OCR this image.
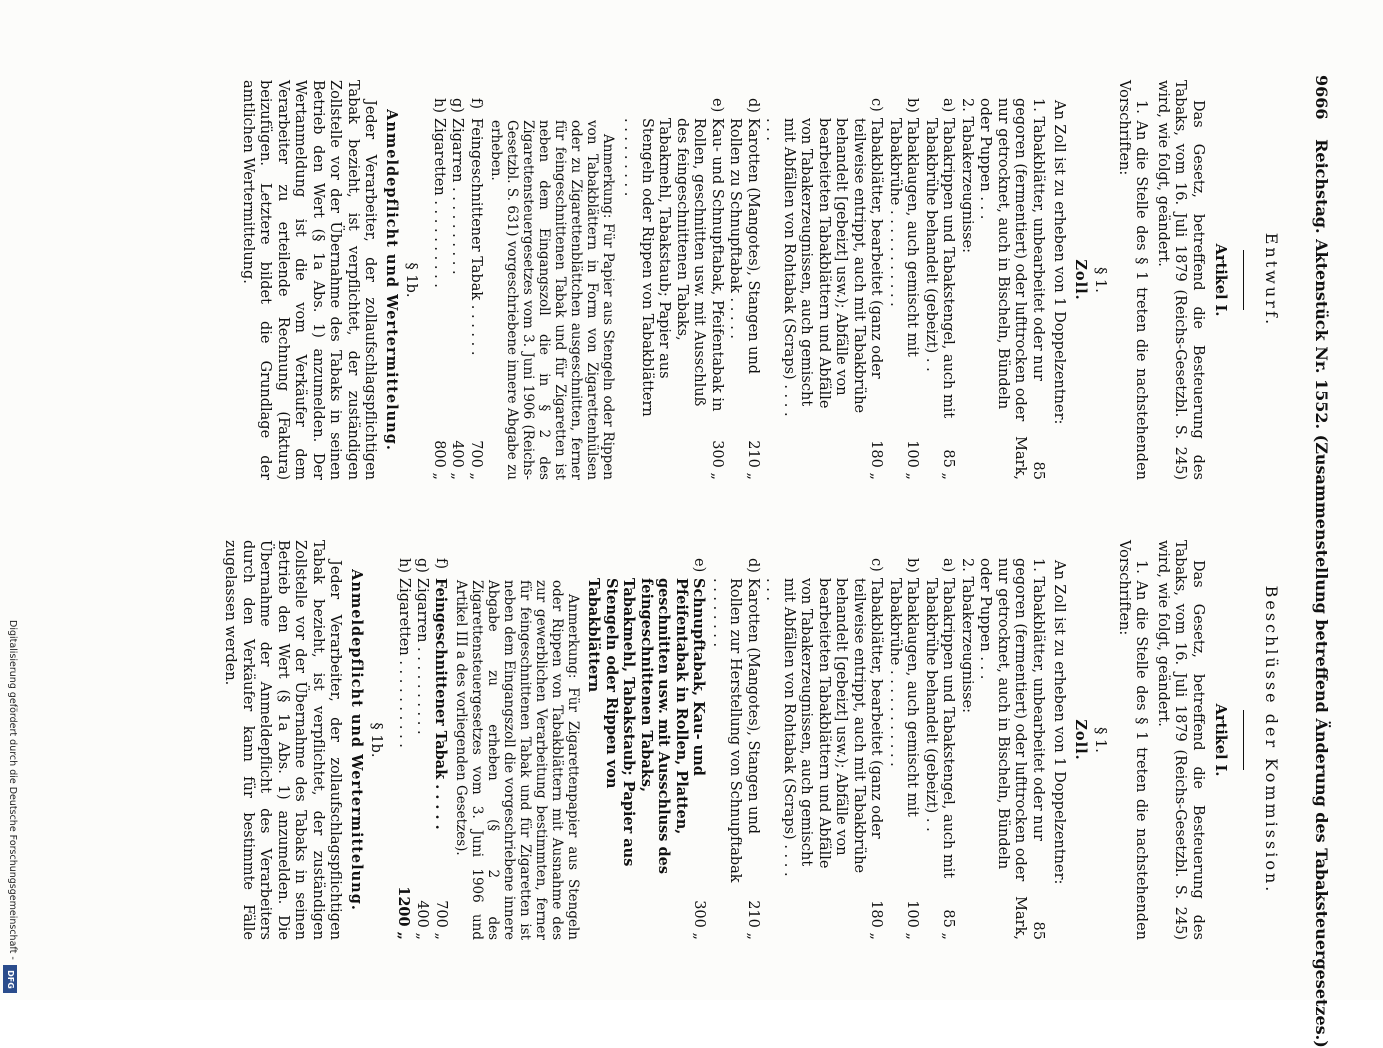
9666 Reichstag. Aktenstück Nr. 1552. (Zusammenstellung betreffend Änderung des Tabaksteuergesetzes.)
Entwurf.
Artikel I.

Das Gesetz, betreffend die Besteuerung des Tabaks, vom 16. Juli 1879 (Reichs-Gesetzbl. S. 245) wird, wie folgt, geändert.

1. An die Stelle des § 1 treten die nachstehenden Vorschriften:

§ 1.
Zoll.

An Zoll ist zu erheben von 1 Doppelzentner:

1. Tabakblätter, unbearbeitet oder nur gegoren (fermentiert) oder lufttrocken oder nur getrocknet, auch in Bischeln, Bündeln oder Puppen . . .
85 Mark,
2. Tabakerzeugnisse:
a)
Tabakrippen und Tabakstengel, auch mit Tabakbrühe behandelt (gebeizt) . .
85 „
b)
Tabaklaugen, auch gemischt mit Tabakbrühe . . . . . . . . . . .
100 „
c)
Tabakblätter, bearbeitet (ganz oder teilweise entrippt, auch mit Tabakbrühe behandelt [gebeizt] usw.); Abfälle von bearbeiteten Tabakblättern und Abfälle von Tabakerzeugnissen, auch gemischt mit Abfällen von Rohtabak (Scraps) . . . . . . .
180 „
d)
Karotten (Mangotes), Stangen und Rollen zu Schnupftabak . . . . .
210 „
e)
Kau- und Schnupftabak, Pfeifentabak in Rollen, geschnitten usw. mit Ausschluß des feingeschnittenen Tabaks, Tabakmehl, Tabakstaub; Papier aus Stengeln oder Rippen von Tabakblättern . . . . . . . . .
300 „

Anmerkung: Für Papier aus Stengeln oder Rippen von Tabakblättern in Form von Zigarettenhülsen oder zu Zigarettenblättchen ausgeschnitten, ferner für feingeschnittenen Tabak und für Zigaretten ist neben dem Eingangszoll die in § 2 des Zigarettensteuergesetzes vom 3. Juni 1906 (Reichs-Gesetzbl. S. 631) vorgeschriebene innere Abgabe zu erheben.

f)
Feingeschnittener Tabak . . . . . .
700 „
g)
Zigarren . . . . . . . . . .
400 „
h)
Zigaretten . . . . . . . . . .
800 „
§ 1b.
Anmeldepflicht und Wertermittelung.

Jeder Verarbeiter, der zollaufschlagspflichtigen Tabak bezieht, ist verpflichtet, der zuständigen Zollstelle vor der Übernahme des Tabaks in seinen Betrieb den Wert (§ 1a Abs. 1) anzumelden. Der Wertanmeldung ist die vom Verkäufer dem Verarbeiter zu erteilende Rechnung (Faktura) beizufügen. Letztere bildet die Grundlage der amtlichen Wertermittelung.

Beschlüsse der Kommission.
Artikel I.

Das Gesetz, betreffend die Besteuerung des Tabaks, vom 16. Juli 1879 (Reichs-Gesetzbl. S. 245) wird, wie folgt, geändert.

1. An die Stelle des § 1 treten die nachstehenden Vorschriften:

§ 1.
Zoll.

An Zoll ist zu erheben von 1 Doppelzentner:

1. Tabakblätter, unbearbeitet oder nur gegoren (fermentiert) oder lufttrocken oder nur getrocknet, auch in Bischeln, Bündeln oder Puppen . . .
85 Mark,
2. Tabakerzeugnisse:
a)
Tabakrippen und Tabakstengel, auch mit Tabakbrühe behandelt (gebeizt) . .
85 „
b)
Tabaklaugen, auch gemischt mit Tabakbrühe . . . . . . . . . . .
100 „
c)
Tabakblätter, bearbeitet (ganz oder teilweise entrippt, auch mit Tabakbrühe behandelt [gebeizt] usw.); Abfälle von bearbeiteten Tabakblättern und Abfälle von Tabakerzeugnissen, auch gemischt mit Abfällen von Rohtabak (Scraps) . . . . . . .
180 „
d)
Karotten (Mangotes), Stangen und Rollen zur Herstellung von Schnupftabak . . . . . . . .
210 „
e)
Schnupftabak, Kau- und Pfeifentabak in Rollen, Platten, geschnitten usw. mit Ausschluss des feingeschnittenen Tabaks, Tabakmehl, Tabakstaub; Papier aus Stengeln oder Rippen von Tabakblättern
300 „

Anmerkung: Für Zigarettenpapier aus Stengeln oder Rippen von Tabakblättern mit Ausnahme des zur gewerblichen Verarbeitung bestimmten, ferner für feingeschnittenen Tabak und für Zigaretten ist neben dem Eingangszoll die vorgeschriebene innere Abgabe zu erheben (§ 2 des Zigarettensteuergesetzes vom 3. Juni 1906 und Artikel III a des vorliegenden Gesetzes).

f)
Feingeschnittener Tabak . . . . .
700 „
g)
Zigarren . . . . . . . . . .
400 „
h)
Zigaretten . . . . . . . . . .
1200 „
§ 1b.
Anmeldepflicht und Wertermittelung.

Jeder Verarbeiter, der zollaufschlagspflichtigen Tabak bezieht, ist verpflichtet, der zuständigen Zollstelle vor der Übernahme des Tabaks in seinen Betrieb den Wert (§ 1a Abs. 1) anzumelden. Die Übernahme der Anmeldepflicht des Verarbeiters durch den Verkäufer kann für bestimmte Fälle zugelassen werden.

Digitalisierung gefördert durch die Deutsche Forschungsgemeinschaft -
DFG
